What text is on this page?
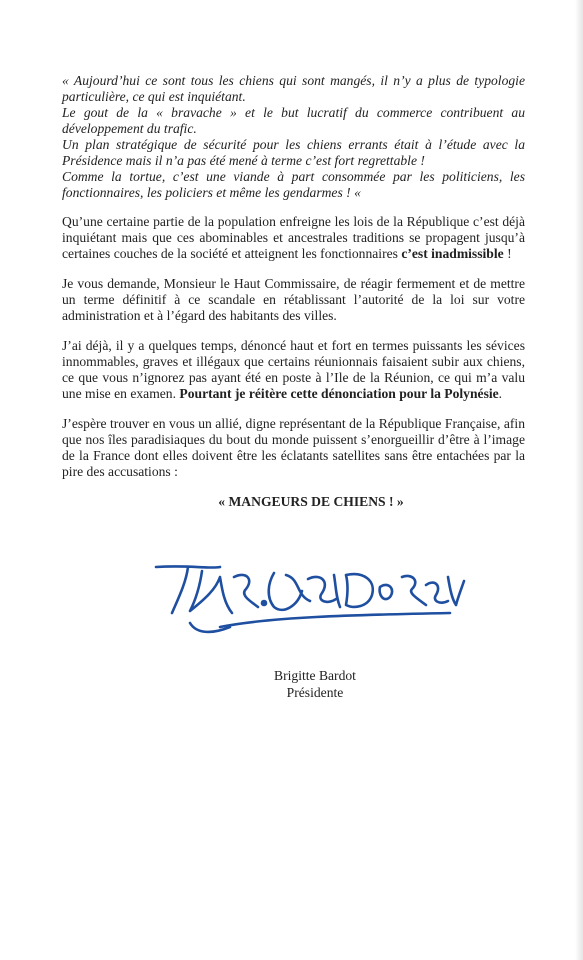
« Aujourd’hui ce sont tous les chiens qui sont mangés, il n’y a plus de typologie particulière, ce qui est inquiétant.

Le gout de la « bravache » et le but lucratif du commerce contribuent au développement du trafic.

Un plan stratégique de sécurité pour les chiens errants était à l’étude avec la Présidence mais il n’a pas été mené à terme c’est fort regrettable !

Comme la tortue, c’est une viande à part consommée par les politiciens, les fonctionnaires, les policiers et même les gendarmes ! «

Qu’une certaine partie de la population enfreigne les lois de la République c’est déjà inquiétant mais que ces abominables et ancestrales traditions se propagent jusqu’à certaines couches de la société et atteignent les fonctionnaires c’est inadmissible !

Je vous demande, Monsieur le Haut Commissaire, de réagir fermement et de mettre un terme définitif à ce scandale en rétablissant l’autorité de la loi sur votre administration et à l’égard des habitants des villes.

J’ai déjà, il y a quelques temps, dénoncé haut et fort en termes puissants les sévices innommables, graves et illégaux que certains réunionnais faisaient subir aux chiens, ce que vous n’ignorez pas ayant été en poste à l’Ile de la Réunion, ce qui m’a valu une mise en examen. Pourtant je réitère cette dénonciation pour la Polynésie.

J’espère trouver en vous un allié, digne représentant de la République Française, afin que nos îles paradisiaques du bout du monde puissent s’enorgueillir d’être à l’image de la France dont elles doivent être les éclatants satellites sans être entachées par la pire des accusations :

« MANGEURS DE CHIENS ! »
Brigitte Bardot
Présidente
